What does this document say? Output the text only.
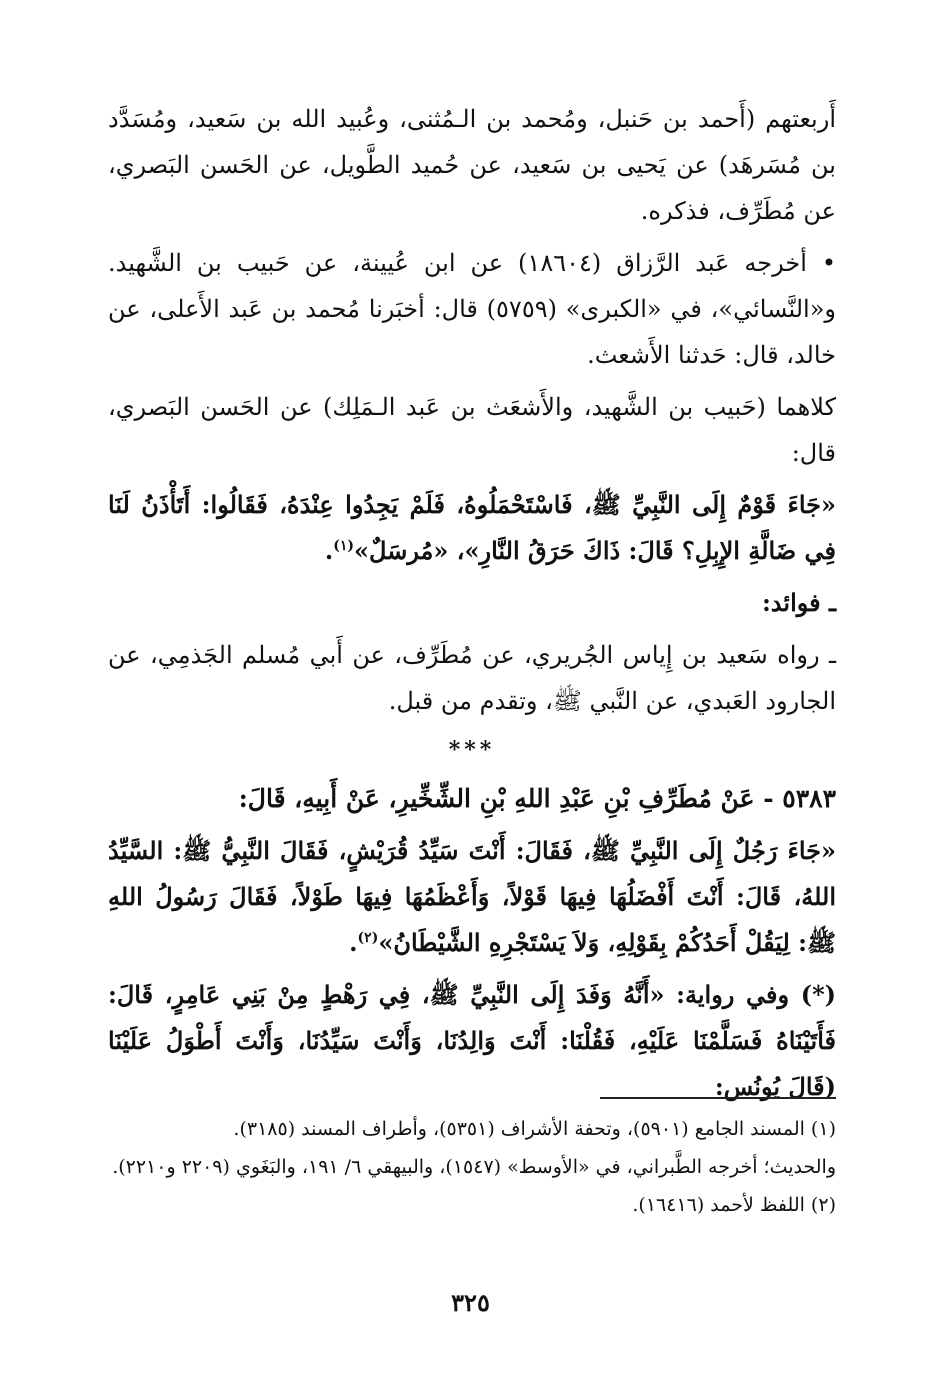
أَربعتهم (أَحمد بن حَنبل، ومُحمد بن الـمُثنى، وعُبيد الله بن سَعيد، ومُسَدَّد بن مُسَرهَد) عن يَحيى بن سَعيد، عن حُميد الطَّويل، عن الحَسن البَصري، عن مُطَرِّف، فذكره.

• أخرجه عَبد الرَّزاق (١٨٦٠٤) عن ابن عُيينة، عن حَبيب بن الشَّهيد. و«النَّسائي»، في «الكبرى» (٥٧٥٩) قال: أخبَرنا مُحمد بن عَبد الأَعلى، عن خالد، قال: حَدثنا الأَشعث.

كلاهما (حَبيب بن الشَّهيد، والأَشعَث بن عَبد الـمَلِك) عن الحَسن البَصري، قال:

«جَاءَ قَوْمٌ إِلَى النَّبِيِّ ﷺ، فَاسْتَحْمَلُوهُ، فَلَمْ يَجِدُوا عِنْدَهُ، فَقَالُوا: أَتَأْذَنُ لَنَا فِي ضَالَّةِ الإِبِلِ؟ قَالَ: ذَاكَ حَرَقُ النَّارِ»، «مُرسَلٌ»$^{(١)}$.

ـ فوائد:

ـ رواه سَعيد بن إِياس الجُريري، عن مُطَرِّف، عن أَبي مُسلم الجَذمِي، عن الجارود العَبدي، عن النَّبي ﷺ، وتقدم من قبل.

***

٥٣٨٣ - عَنْ مُطَرِّفِ بْنِ عَبْدِ اللهِ بْنِ الشِّخِّيرِ، عَنْ أَبِيهِ، قَالَ:

«جَاءَ رَجُلٌ إِلَى النَّبِيِّ ﷺ، فَقَالَ: أَنْتَ سَيِّدُ قُرَيْشٍ، فَقَالَ النَّبِيُّ ﷺ: السَّيِّدُ اللهُ، قَالَ: أَنْتَ أَفْضَلُهَا فِيهَا قَوْلاً، وَأَعْظَمُهَا فِيهَا طَوْلاً، فَقَالَ رَسُولُ اللهِ ﷺ: لِيَقُلْ أَحَدُكُمْ بِقَوْلِهِ، وَلاَ يَسْتَجْرِهِ الشَّيْطَانُ»$^{(٢)}$.

(*) وفي رواية: «أَنَّهُ وَفَدَ إِلَى النَّبِيِّ ﷺ، فِي رَهْطٍ مِنْ بَنِي عَامِرٍ، قَالَ: فَأَتَيْنَاهُ فَسَلَّمْنَا عَلَيْهِ، فَقُلْنَا: أَنْتَ وَالِدُنَا، وَأَنْتَ سَيِّدُنَا، وَأَنْتَ أَطْوَلُ عَلَيْنَا (قَالَ يُونُس:

(١) المسند الجامع (٥٩٠١)، وتحفة الأشراف (٥٣٥١)، وأطراف المسند (٣١٨٥).

والحديث؛ أخرجه الطَّبراني، في «الأوسط» (١٥٤٧)، والبيهقي ٦/ ١٩١، والبَغَوي (٢٢٠٩ و٢٢١٠).

(٢) اللفظ لأحمد (١٦٤١٦).

٣٢٥
